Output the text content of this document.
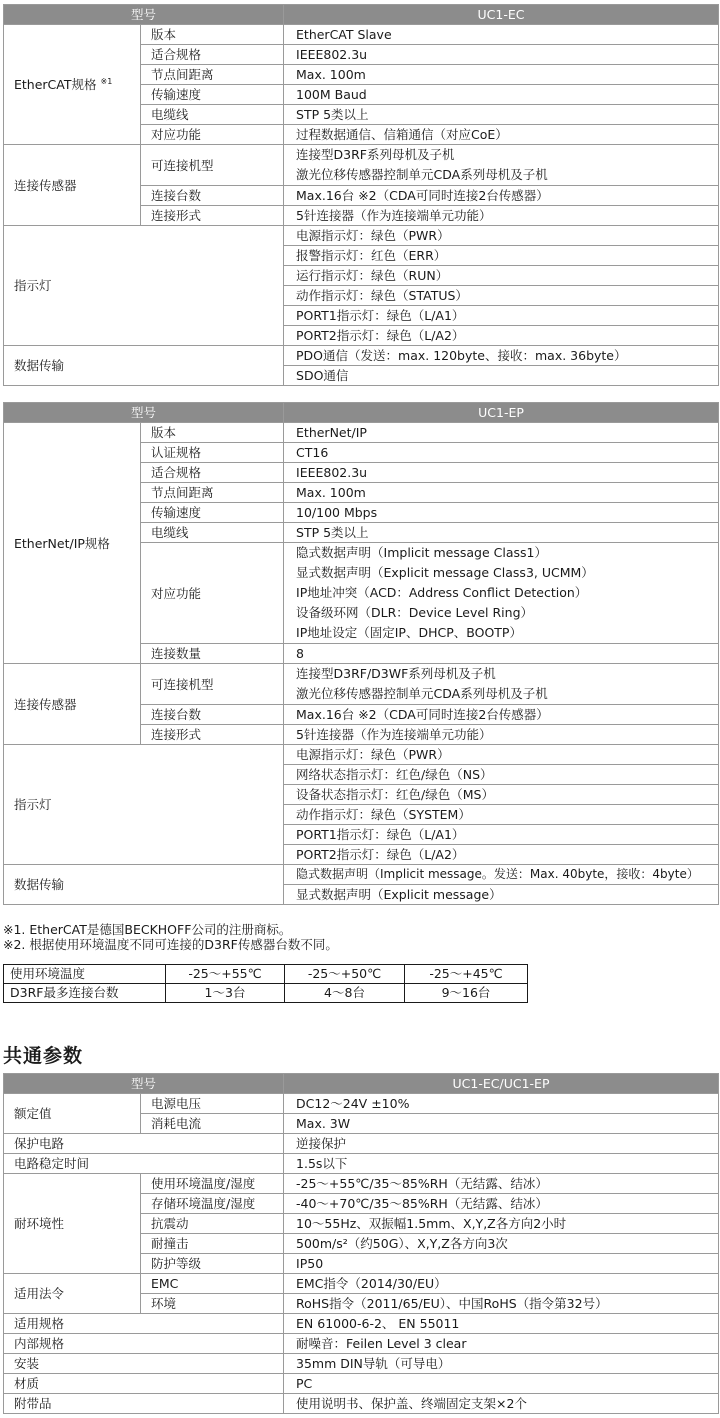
型号		UC1-EC
EtherCAT规格 $^{※1}$	版本	EtherCAT Slave
	适合规格	IEEE802.3u
	节点间距离	Max. 100m
	传输速度	100M Baud
	电缆线	STP 5类以上
	对应功能	过程数据通信、信箱通信（对应CoE）
连接传感器	可连接机型	连接型D3RF系列母机及子机
激光位移传感器控制单元CDA系列母机及子机

	连接台数	Max.16台 ※2（CDA可同时连接2台传感器）
	连接形式	5针连接器（作为连接端单元功能）
指示灯		电源指示灯：绿色（PWR）
		报警指示灯：红色（ERR）
		运行指示灯：绿色（RUN）
		动作指示灯：绿色（STATUS）
		PORT1指示灯：绿色（L/A1）
		PORT2指示灯：绿色（L/A2）
数据传输		PDO通信（发送：max. 120byte、接收：max. 36byte）
		SDO通信
型号		UC1-EP
EtherNet/IP规格	版本	EtherNet/IP
	认证规格	CT16
	适合规格	IEEE802.3u
	节点间距离	Max. 100m
	传输速度	10/100 Mbps
	电缆线	STP 5类以上
	对应功能	隐式数据声明（Implicit message Class1）
显式数据声明（Explicit message Class3, UCMM）
IP地址冲突（ACD：Address Conflict Detection）
设备级环网（DLR：Device Level Ring）
IP地址设定（固定IP、DHCP、BOOTP）

	连接数量	8
连接传感器	可连接机型	连接型D3RF/D3WF系列母机及子机
激光位移传感器控制单元CDA系列母机及子机

	连接台数	Max.16台 ※2（CDA可同时连接2台传感器）
	连接形式	5针连接器（作为连接端单元功能）
指示灯		电源指示灯：绿色（PWR）
		网络状态指示灯：红色/绿色（NS）
		设备状态指示灯：红色/绿色（MS）
		动作指示灯：绿色（SYSTEM）
		PORT1指示灯：绿色（L/A1）
		PORT2指示灯：绿色（L/A2）
数据传输		隐式数据声明（Implicit message。发送：Max. 40byte，接收：4byte）
		显式数据声明（Explicit message）
※1. EtherCAT是德国BECKHOFF公司的注册商标。
※2. 根据使用环境温度不同可连接的D3RF传感器台数不同。
使用环境温度	-25～+55℃	-25～+50℃	-25～+45℃
D3RF最多连接台数	1～3台	4～8台	9～16台
共通参数
型号		UC1-EC/UC1-EP
额定值	电源电压	DC12～24V ±10%
	消耗电流	Max. 3W
保护电路		逆接保护
电路稳定时间		1.5s以下
耐环境性	使用环境温度/湿度	-25～+55℃/35～85%RH（无结露、结冰）
	存储环境温度/湿度	-40～+70℃/35～85%RH（无结露、结冰）
	抗震动	10～55Hz、双振幅1.5mm、X,Y,Z各方向2小时
	耐撞击	500m/s²（约50G）、X,Y,Z各方向3次
	防护等级	IP50
适用法令	EMC	EMC指令（2014/30/EU）
	环境	RoHS指令（2011/65/EU）、中国RoHS（指令第32号）
适用规格		EN 61000-6-2、 EN 55011
内部规格		耐噪音：Feilen Level 3 clear
安装		35mm DIN导轨（可导电）
材质		PC
附带品		使用说明书、保护盖、终端固定支架×2个
